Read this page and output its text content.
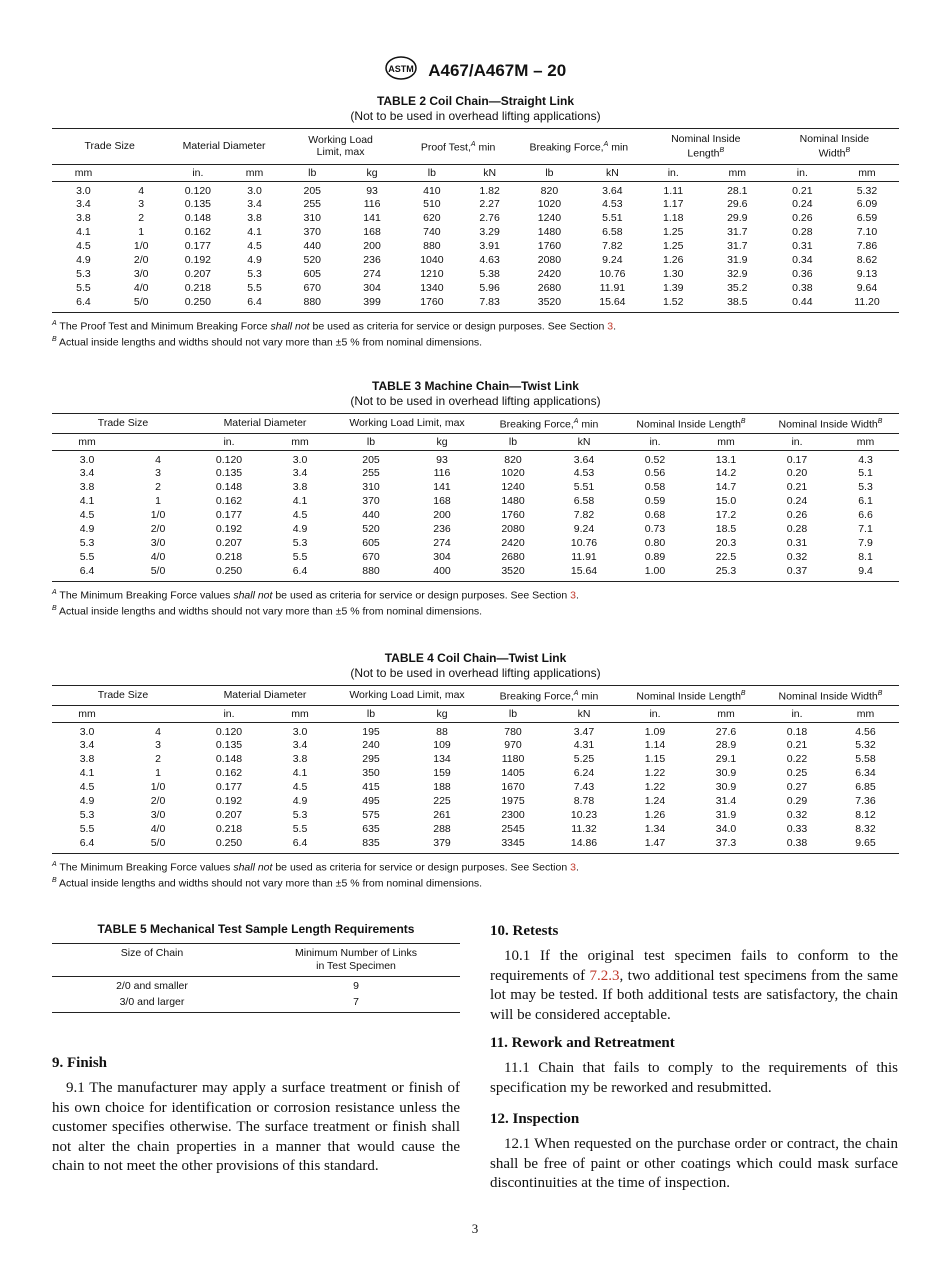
ASTM A467/A467M – 20
TABLE 2 Coil Chain—Straight Link
(Not to be used in overhead lifting applications)
Trade Size		Material Diameter		Working Load Limit, max		Proof Test,$^A$ min		Breaking Force,$^A$ min		Nominal Inside Length$^B$		Nominal Inside Width$^B$
mm		in.	mm	lb	kg	lb	kN	lb	kN	in.	mm	in.	mm
3.0	4	0.120	3.0	205	93	410	1.82	820	3.64	1.11	28.1	0.21	5.32
3.4	3	0.135	3.4	255	116	510	2.27	1020	4.53	1.17	29.6	0.24	6.09
3.8	2	0.148	3.8	310	141	620	2.76	1240	5.51	1.18	29.9	0.26	6.59
4.1	1	0.162	4.1	370	168	740	3.29	1480	6.58	1.25	31.7	0.28	7.10
4.5	1/0	0.177	4.5	440	200	880	3.91	1760	7.82	1.25	31.7	0.31	7.86
4.9	2/0	0.192	4.9	520	236	1040	4.63	2080	9.24	1.26	31.9	0.34	8.62
5.3	3/0	0.207	5.3	605	274	1210	5.38	2420	10.76	1.30	32.9	0.36	9.13
5.5	4/0	0.218	5.5	670	304	1340	5.96	2680	11.91	1.39	35.2	0.38	9.64
6.4	5/0	0.250	6.4	880	399	1760	7.83	3520	15.64	1.52	38.5	0.44	11.20
$^A$ The Proof Test and Minimum Breaking Force shall not be used as criteria for service or design purposes. See Section 3.
$^B$ Actual inside lengths and widths should not vary more than ±5 % from nominal dimensions.
TABLE 3 Machine Chain—Twist Link
(Not to be used in overhead lifting applications)
Trade Size		Material Diameter		Working Load Limit, max		Breaking Force,$^A$ min		Nominal Inside Length$^B$		Nominal Inside Width$^B$
mm		in.	mm	lb	kg	lb	kN	in.	mm	in.	mm
3.0	4	0.120	3.0	205	93	820	3.64	0.52	13.1	0.17	4.3
3.4	3	0.135	3.4	255	116	1020	4.53	0.56	14.2	0.20	5.1
3.8	2	0.148	3.8	310	141	1240	5.51	0.58	14.7	0.21	5.3
4.1	1	0.162	4.1	370	168	1480	6.58	0.59	15.0	0.24	6.1
4.5	1/0	0.177	4.5	440	200	1760	7.82	0.68	17.2	0.26	6.6
4.9	2/0	0.192	4.9	520	236	2080	9.24	0.73	18.5	0.28	7.1
5.3	3/0	0.207	5.3	605	274	2420	10.76	0.80	20.3	0.31	7.9
5.5	4/0	0.218	5.5	670	304	2680	11.91	0.89	22.5	0.32	8.1
6.4	5/0	0.250	6.4	880	400	3520	15.64	1.00	25.3	0.37	9.4
$^A$ The Minimum Breaking Force values shall not be used as criteria for service or design purposes. See Section 3.
$^B$ Actual inside lengths and widths should not vary more than ±5 % from nominal dimensions.
TABLE 4 Coil Chain—Twist Link
(Not to be used in overhead lifting applications)
Trade Size		Material Diameter		Working Load Limit, max		Breaking Force,$^A$ min		Nominal Inside Length$^B$		Nominal Inside Width$^B$
mm		in.	mm	lb	kg	lb	kN	in.	mm	in.	mm
3.0	4	0.120	3.0	195	88	780	3.47	1.09	27.6	0.18	4.56
3.4	3	0.135	3.4	240	109	970	4.31	1.14	28.9	0.21	5.32
3.8	2	0.148	3.8	295	134	1180	5.25	1.15	29.1	0.22	5.58
4.1	1	0.162	4.1	350	159	1405	6.24	1.22	30.9	0.25	6.34
4.5	1/0	0.177	4.5	415	188	1670	7.43	1.22	30.9	0.27	6.85
4.9	2/0	0.192	4.9	495	225	1975	8.78	1.24	31.4	0.29	7.36
5.3	3/0	0.207	5.3	575	261	2300	10.23	1.26	31.9	0.32	8.12
5.5	4/0	0.218	5.5	635	288	2545	11.32	1.34	34.0	0.33	8.32
6.4	5/0	0.250	6.4	835	379	3345	14.86	1.47	37.3	0.38	9.65
$^A$ The Minimum Breaking Force values shall not be used as criteria for service or design purposes. See Section 3.
$^B$ Actual inside lengths and widths should not vary more than ±5 % from nominal dimensions.
TABLE 5 Mechanical Test Sample Length Requirements
Size of Chain	Minimum Number of Links in Test Specimen
2/0 and smaller	9
3/0 and larger	7
9. Finish

9.1 The manufacturer may apply a surface treatment or finish of his own choice for identification or corrosion resistance unless the customer specifies otherwise. The surface treatment or finish shall not alter the chain properties in a manner that would cause the chain to not meet the other provisions of this standard.

10. Retests

10.1 If the original test specimen fails to conform to the requirements of 7.2.3, two additional test specimens from the same lot may be tested. If both additional tests are satisfactory, the chain will be considered acceptable.

11. Rework and Retreatment

11.1 Chain that fails to comply to the requirements of this specification my be reworked and resubmitted.

12. Inspection

12.1 When requested on the purchase order or contract, the chain shall be free of paint or other coatings which could mask surface discontinuities at the time of inspection.

3
